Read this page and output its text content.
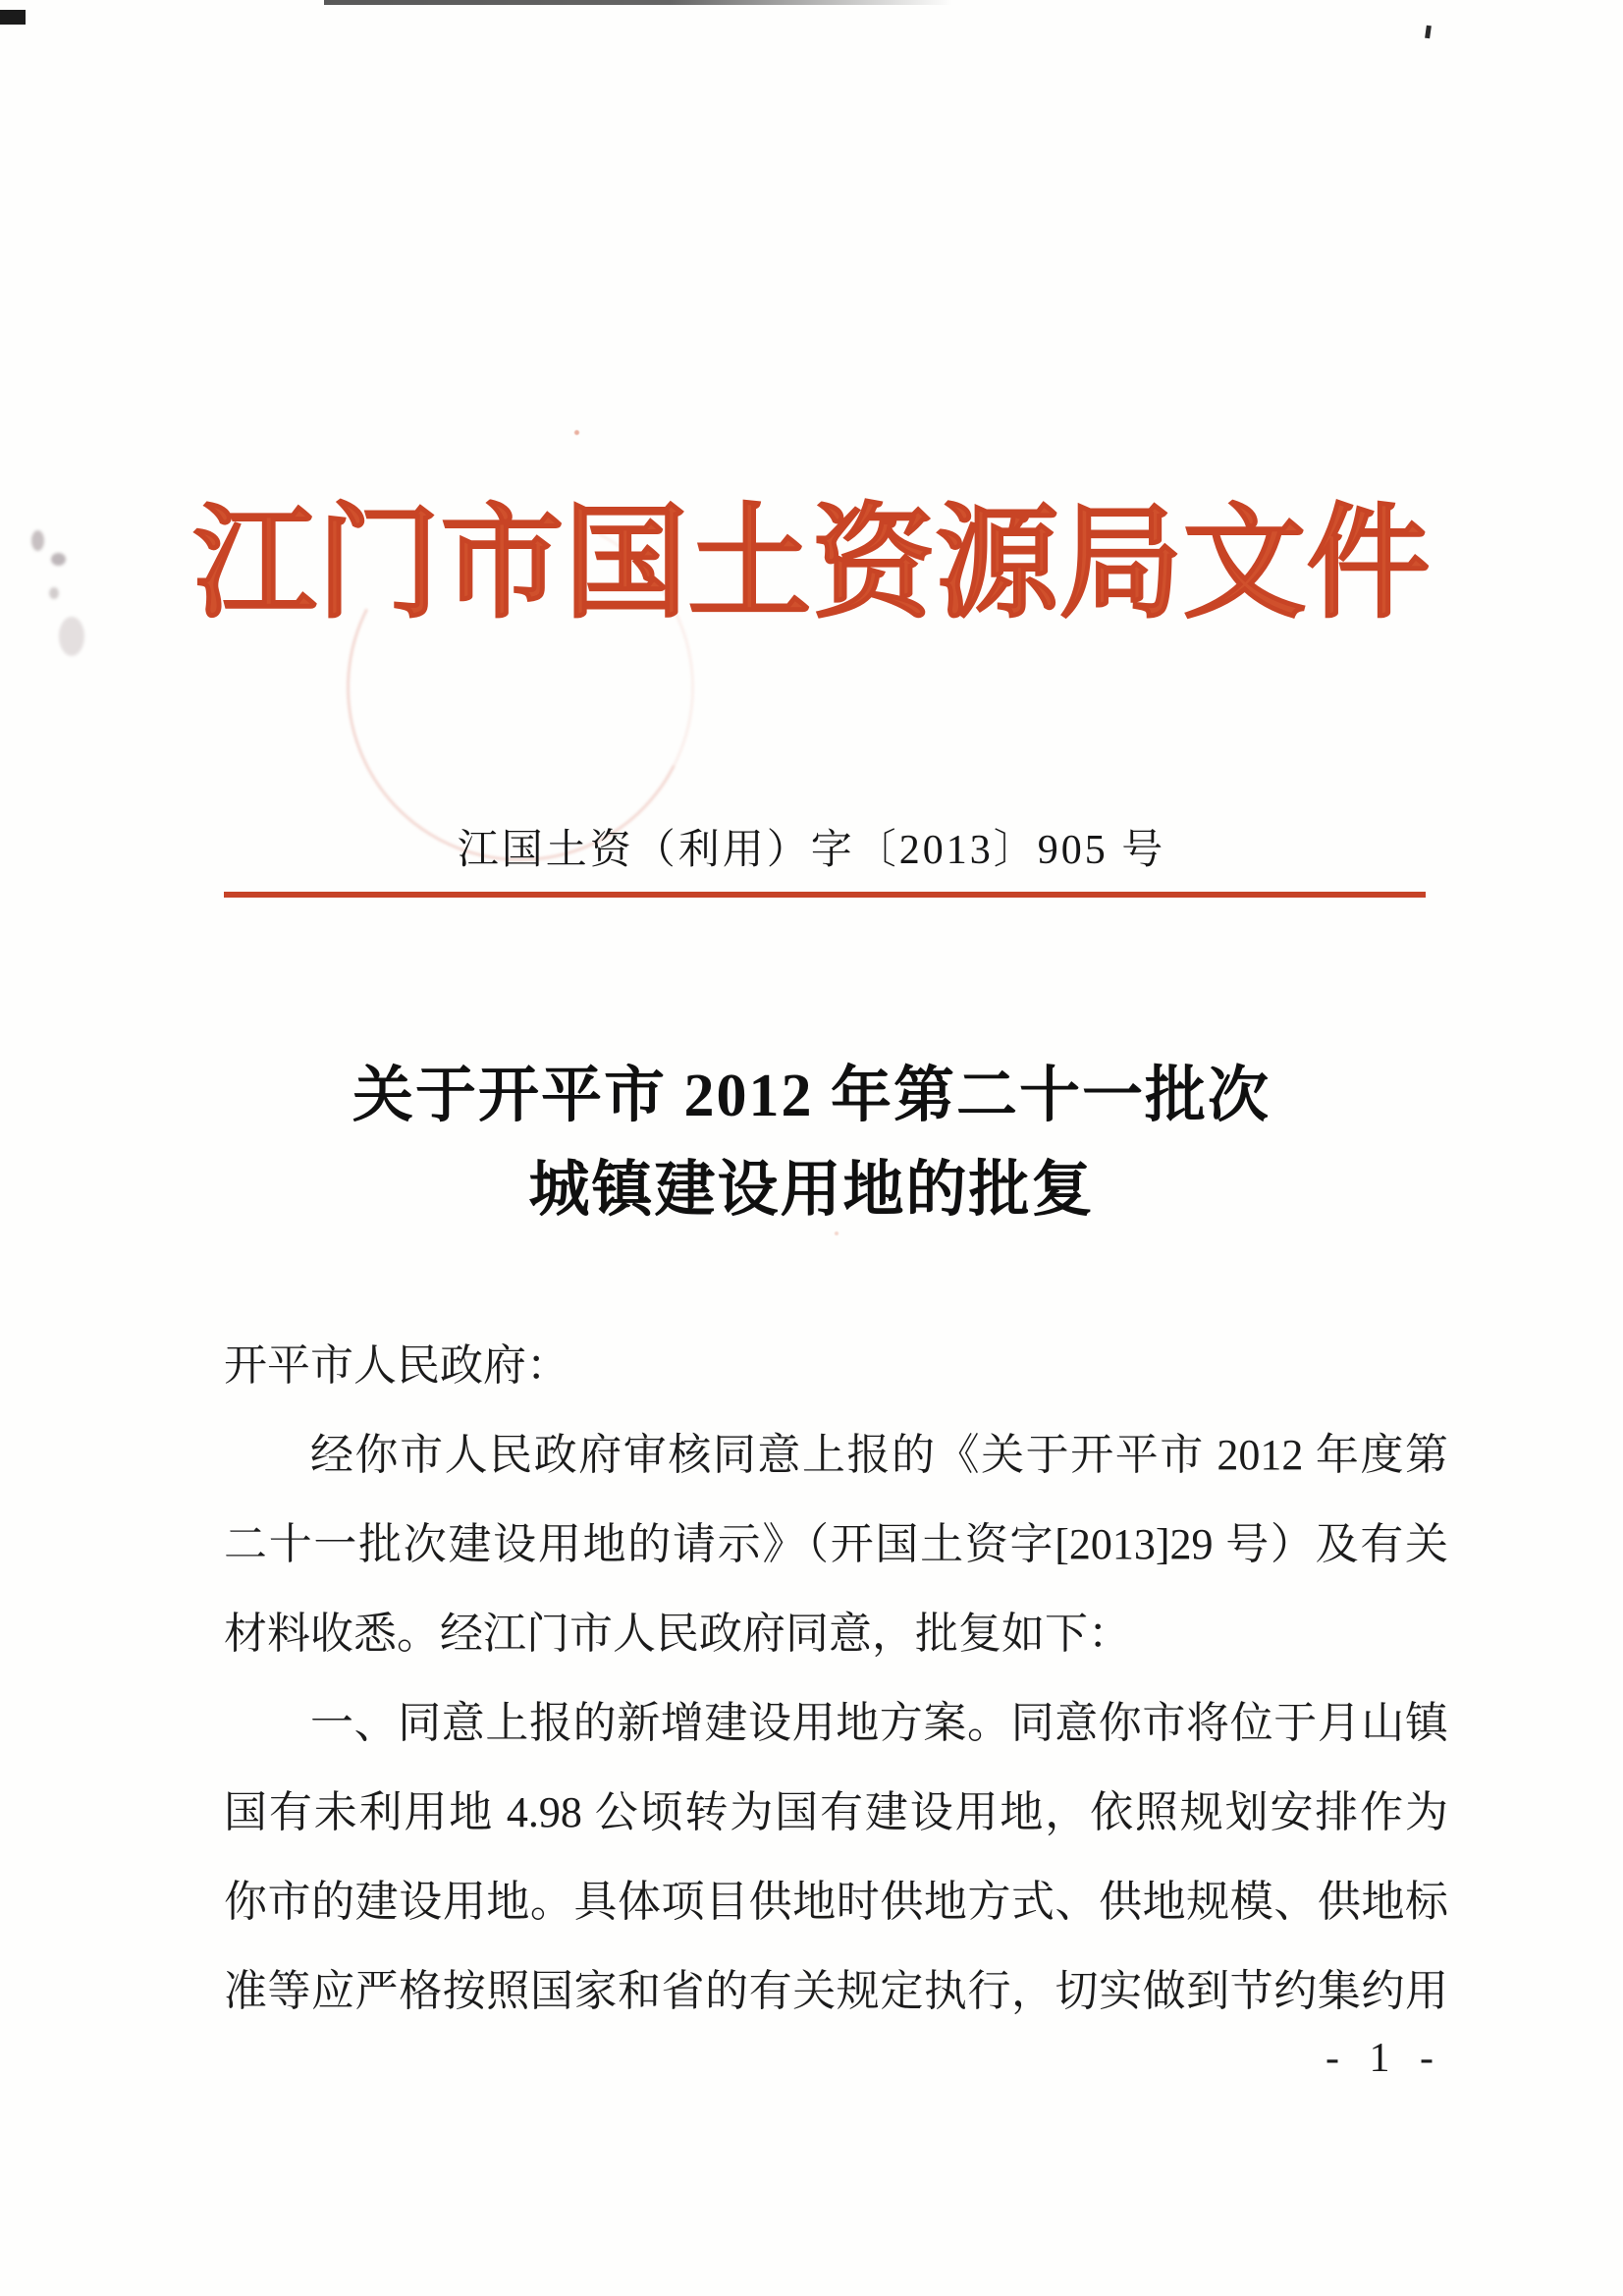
江门市国土资源局文件
江国土资（利用）字〔2013〕905 号
关于开平市 2012 年第二十一批次
城镇建设用地的批复
开平市人民政府：
经你市人民政府审核同意上报的《关于开平市 2012 年度第
二十一批次建设用地的请示》（开国土资字[2013]29 号）及有关
材料收悉。经江门市人民政府同意，批复如下：
一、同意上报的新增建设用地方案。同意你市将位于月山镇
国有未利用地 4.98 公顷转为国有建设用地，依照规划安排作为
你市的建设用地。具体项目供地时供地方式、供地规模、供地标
准等应严格按照国家和省的有关规定执行，切实做到节约集约用
- 1 -
